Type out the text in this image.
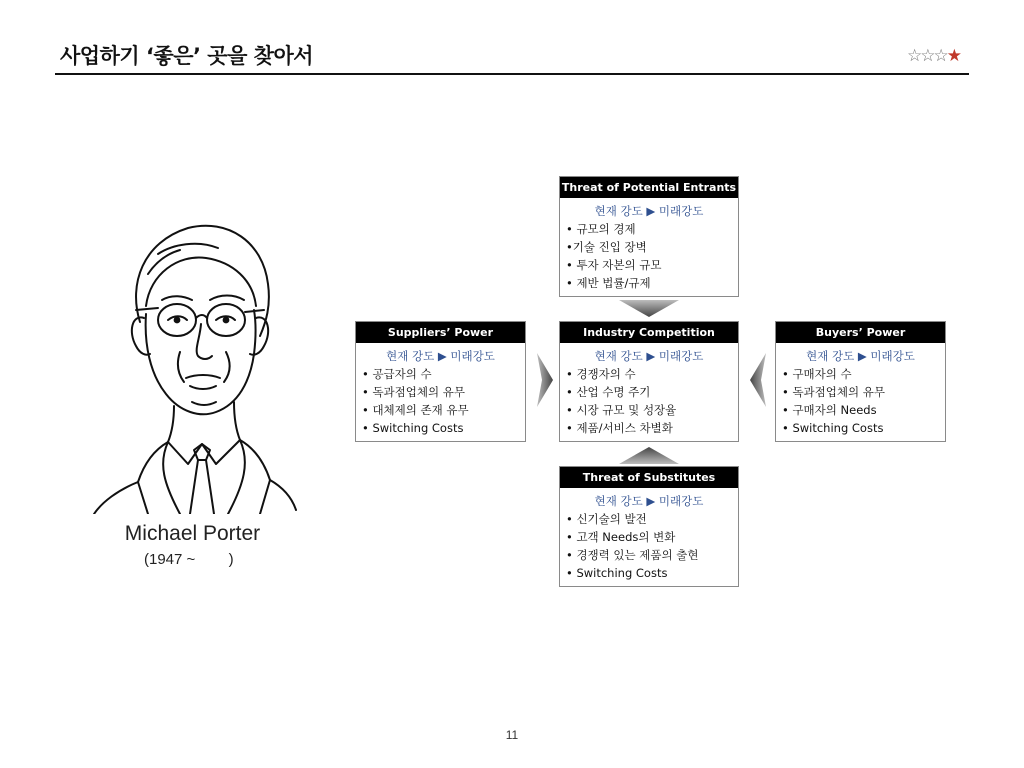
사업하기 ‘좋은’ 곳을 찾아서	☆☆☆★
Michael Porter
(1947 ~        )
Threat of Potential Entrants
현재 강도 ▶ 미래강도
• 규모의 경제
•기술 진입 장벽
• 투자 자본의 규모
• 제반 법률/규제
Suppliers’ Power
현재 강도 ▶ 미래강도
• 공급자의 수
• 독과점업체의 유무
• 대체제의 존재 유무
• Switching Costs
Industry Competition
현재 강도 ▶ 미래강도
• 경쟁자의 수
• 산업 수명 주기
• 시장 규모 및 성장율
• 제품/서비스 차별화
Buyers’ Power
현재 강도 ▶ 미래강도
• 구매자의 수
• 독과점업체의 유무
• 구매자의 Needs
• Switching Costs
Threat of Substitutes
현재 강도 ▶ 미래강도
• 신기술의 발전
• 고객 Needs의 변화
• 경쟁력 있는 제품의 출현
• Switching Costs
11
